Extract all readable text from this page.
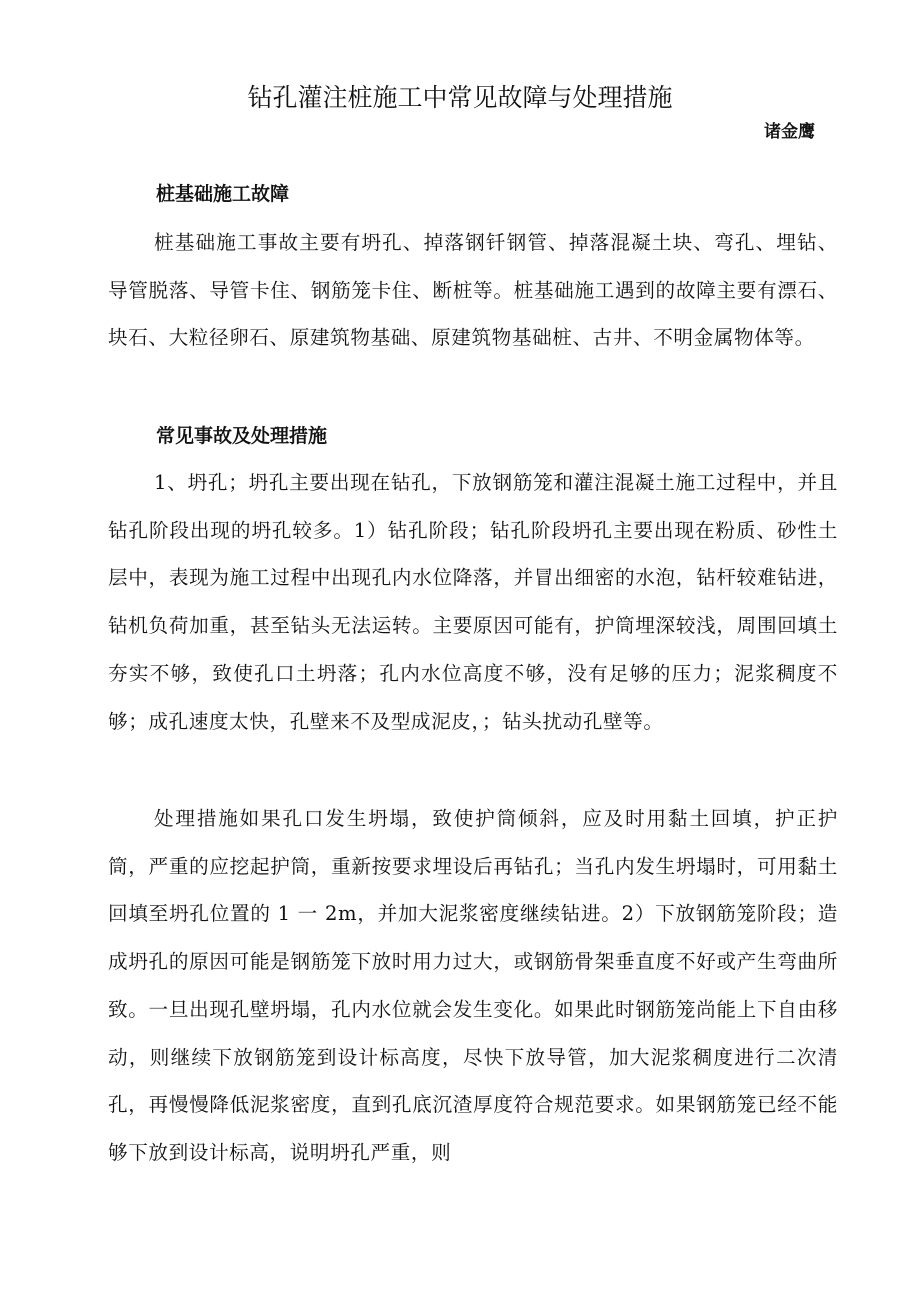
钻孔灌注桩施工中常见故障与处理措施

诸金鹰

桩基础施工故障

桩基础施工事故主要有坍孔、掉落钢钎钢管、掉落混凝土块、弯孔、埋钻、导管脱落、导管卡住、钢筋笼卡住、断桩等。桩基础施工遇到的故障主要有漂石、块石、大粒径卵石、原建筑物基础、原建筑物基础桩、古井、不明金属物体等。

常见事故及处理措施

1、坍孔；坍孔主要出现在钻孔，下放钢筋笼和灌注混凝土施工过程中，并且钻孔阶段出现的坍孔较多。1）钻孔阶段；钻孔阶段坍孔主要出现在粉质、砂性土层中，表现为施工过程中出现孔内水位降落，并冒出细密的水泡，钻杆较难钻进，钻机负荷加重，甚至钻头无法运转。主要原因可能有，护筒埋深较浅，周围回填土夯实不够，致使孔口土坍落；孔内水位高度不够，没有足够的压力；泥浆稠度不够；成孔速度太快，孔壁来不及型成泥皮，；钻头扰动孔壁等。

处理措施如果孔口发生坍塌，致使护筒倾斜，应及时用黏土回填，护正护筒，严重的应挖起护筒，重新按要求埋设后再钻孔；当孔内发生坍塌时，可用黏土回填至坍孔位置的 1 一 2m，并加大泥浆密度继续钻进。2）下放钢筋笼阶段；造成坍孔的原因可能是钢筋笼下放时用力过大，或钢筋骨架垂直度不好或产生弯曲所致。一旦出现孔壁坍塌，孔内水位就会发生变化。如果此时钢筋笼尚能上下自由移动，则继续下放钢筋笼到设计标高度，尽快下放导管，加大泥浆稠度进行二次清孔，再慢慢降低泥浆密度，直到孔底沉渣厚度符合规范要求。如果钢筋笼已经不能够下放到设计标高，说明坍孔严重，则
